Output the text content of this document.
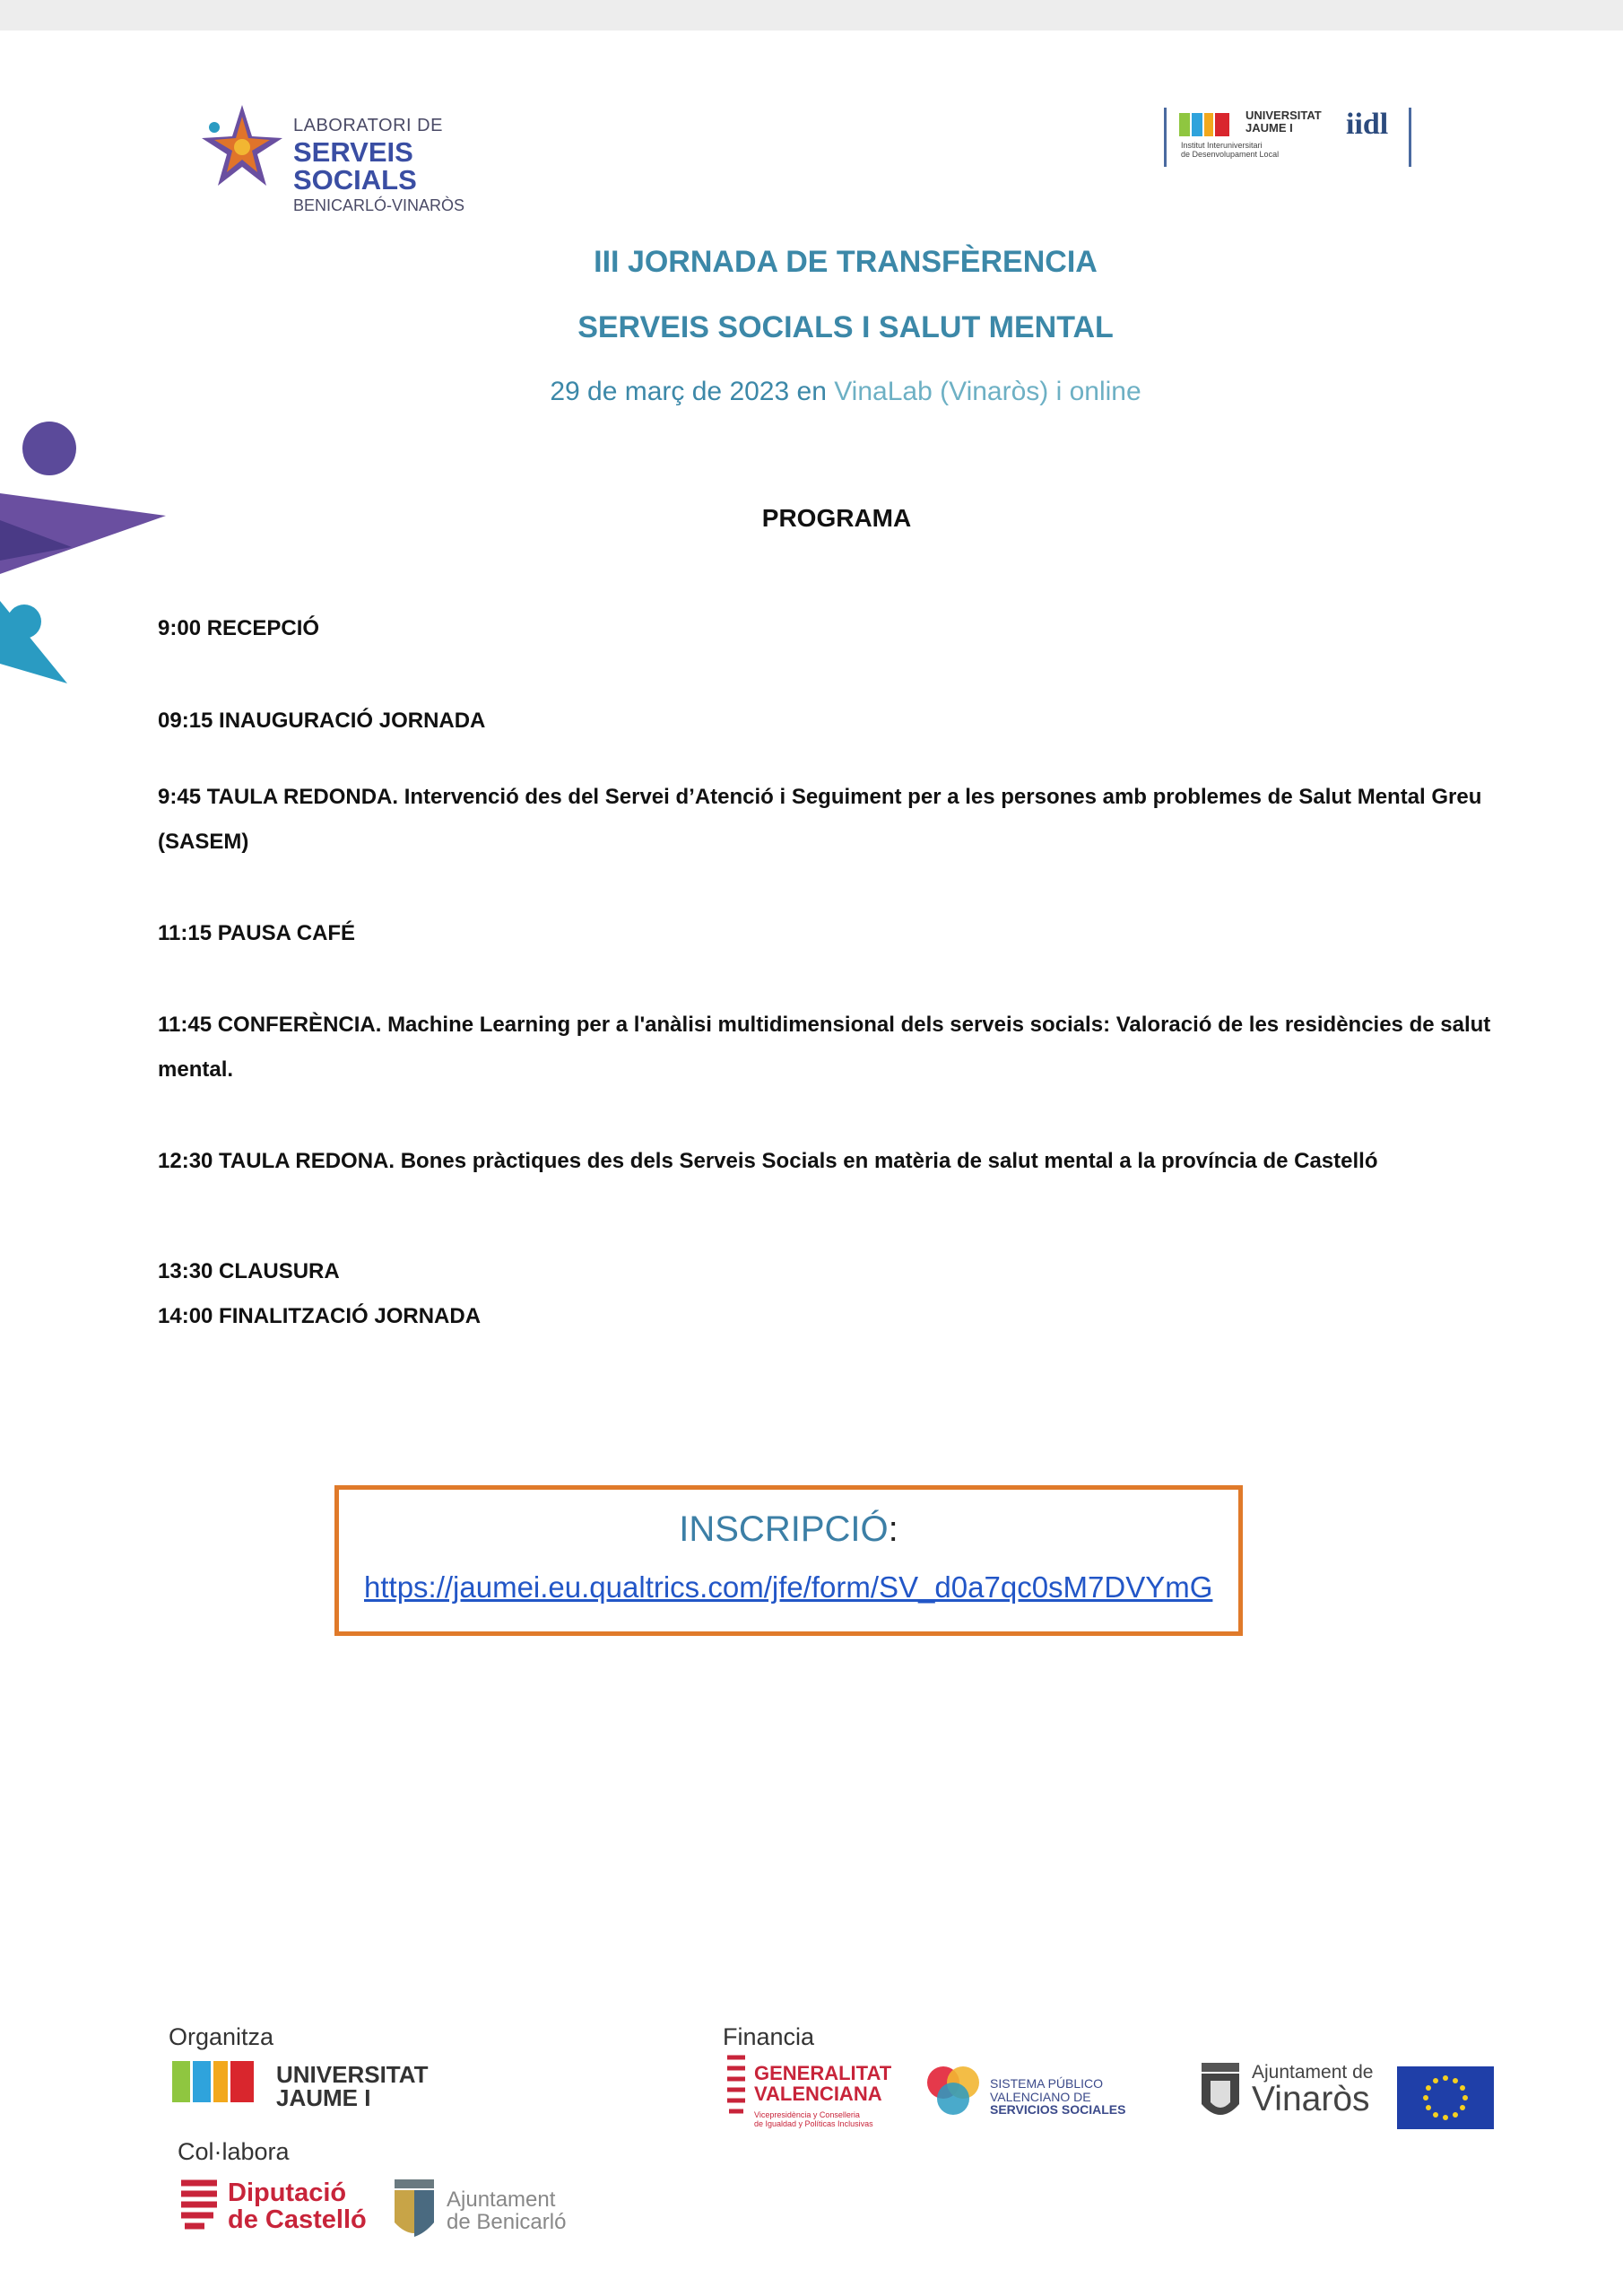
LABORATORI DE
SERVEIS SOCIALS
BENICARLÓ-VINARÒS
UNIVERSITAT
JAUME I	iidl
Institut Interuniversitari
de Desenvolupament Local
III JORNADA DE TRANSFÈRENCIA
SERVEIS SOCIALS I SALUT MENTAL
29 de març de 2023 en VinaLab (Vinaròs) i online
PROGRAMA
9:00 RECEPCIÓ
09:15 INAUGURACIÓ JORNADA
9:45 TAULA REDONDA. Intervenció des del Servei d’Atenció i Seguiment per a les persones amb problemes de Salut Mental Greu (SASEM)
11:15 PAUSA CAFÉ
11:45 CONFERÈNCIA. Machine Learning per a l'anàlisi multidimensional dels serveis socials: Valoració de les residències de salut mental.
12:30 TAULA REDONA. Bones pràctiques des dels Serveis Socials en matèria de salut mental a la província de Castelló
13:30 CLAUSURA
14:00 FINALITZACIÓ JORNADA
INSCRIPCIÓ:
https://jaumei.eu.qualtrics.com/jfe/form/SV_d0a7qc0sM7DVYmG
Organitza
UNIVERSITAT
JAUME I
Col·labora
Diputació
de Castelló
Ajuntament
de Benicarló
Financia
GENERALITAT
VALENCIANA
Vicepresidència y Conselleria
de Igualdad y Políticas Inclusivas
SISTEMA PÚBLICO
VALENCIANO DE
SERVICIOS SOCIALES
Ajuntament de
Vinaròs
